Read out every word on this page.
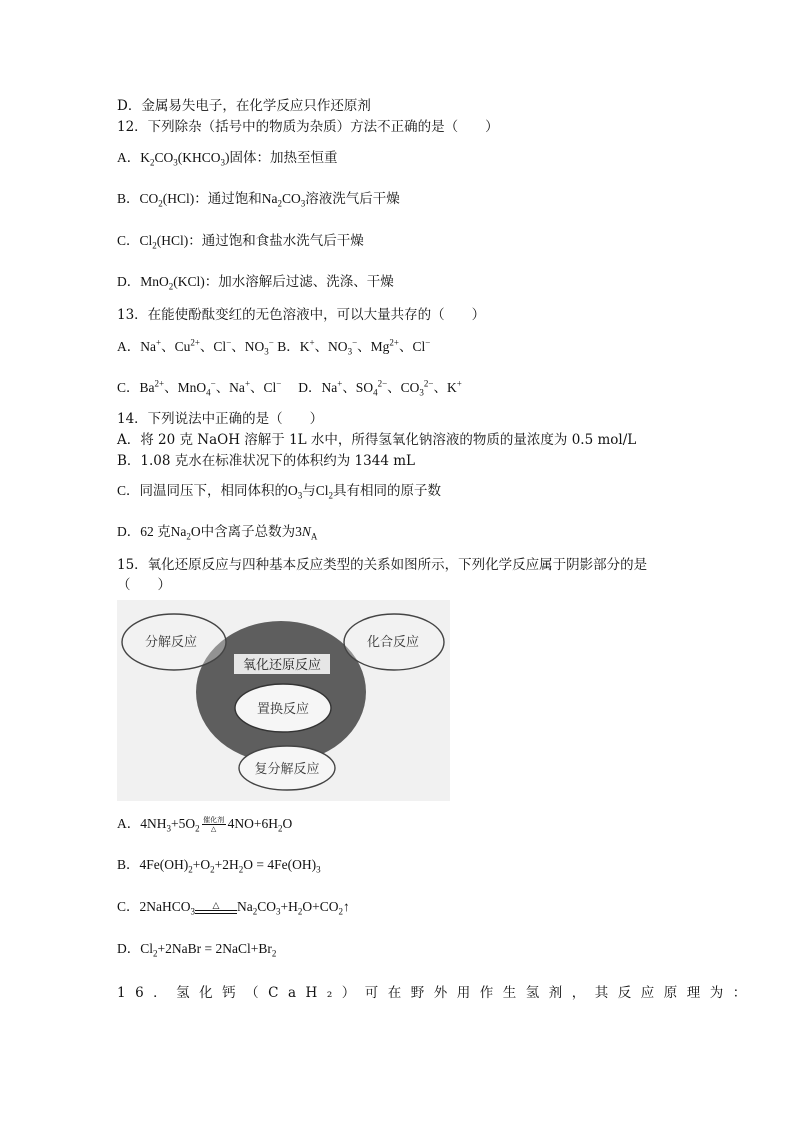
D．金属易失电子，在化学反应只作还原剂
12．下列除杂（括号中的物质为杂质）方法不正确的是（　　）
A．$K_2CO_3(KHCO_3)$固体：加热至恒重
B．$CO_2(HCl)$：通过饱和$Na_2CO_3$溶液洗气后干燥
C．$Cl_2(HCl)$：通过饱和食盐水洗气后干燥
D．MnO$_2$(KCl)：加水溶解后过滤、洗涤、干燥
13．在能使酚酞变红的无色溶液中，可以大量共存的（　　）
A．Na+、$Cu^{2+}$、Cl−、$NO_3^-$ B．K+、$NO_3^-$、$Mg^{2+}$、Cl−
C．$Ba^{2+}$、MnO$_4$−、Na+、Cl−　 D．Na+、$SO_4^{2-}$、$CO_3^{2-}$、K+
14．下列说法中正确的是（　　）
A．将 20 克 NaOH 溶解于 1L 水中，所得氢氧化钠溶液的物质的量浓度为 0.5 mol/L
B．1.08 克水在标准状况下的体积约为 1344 mL
C．同温同压下，相同体积的$O_3$与$Cl_2$具有相同的原子数
D．62 克$Na_2O$中含离子总数为$3N_A$
15．氧化还原反应与四种基本反应类型的关系如图所示，下列化学反应属于阴影部分的是
（　　）
分解反应	化合反应
氧化还原反应
置换反应
复分解反应
A．$4NH_3+5O_2$
催化剂
△ $4NO+6H_2O$
B．$4Fe(OH)_2+O_2+2H_2O = 4Fe(OH)_3$
C．2NaHCO$_3$
△	$Na_2CO_3+H_2O+CO_2↑$
D．$Cl_2+2NaBr$ = $2NaCl+Br_2$
16．氢化钙（CaH₂）可在野外用作生氢剂，其反应原理为：
